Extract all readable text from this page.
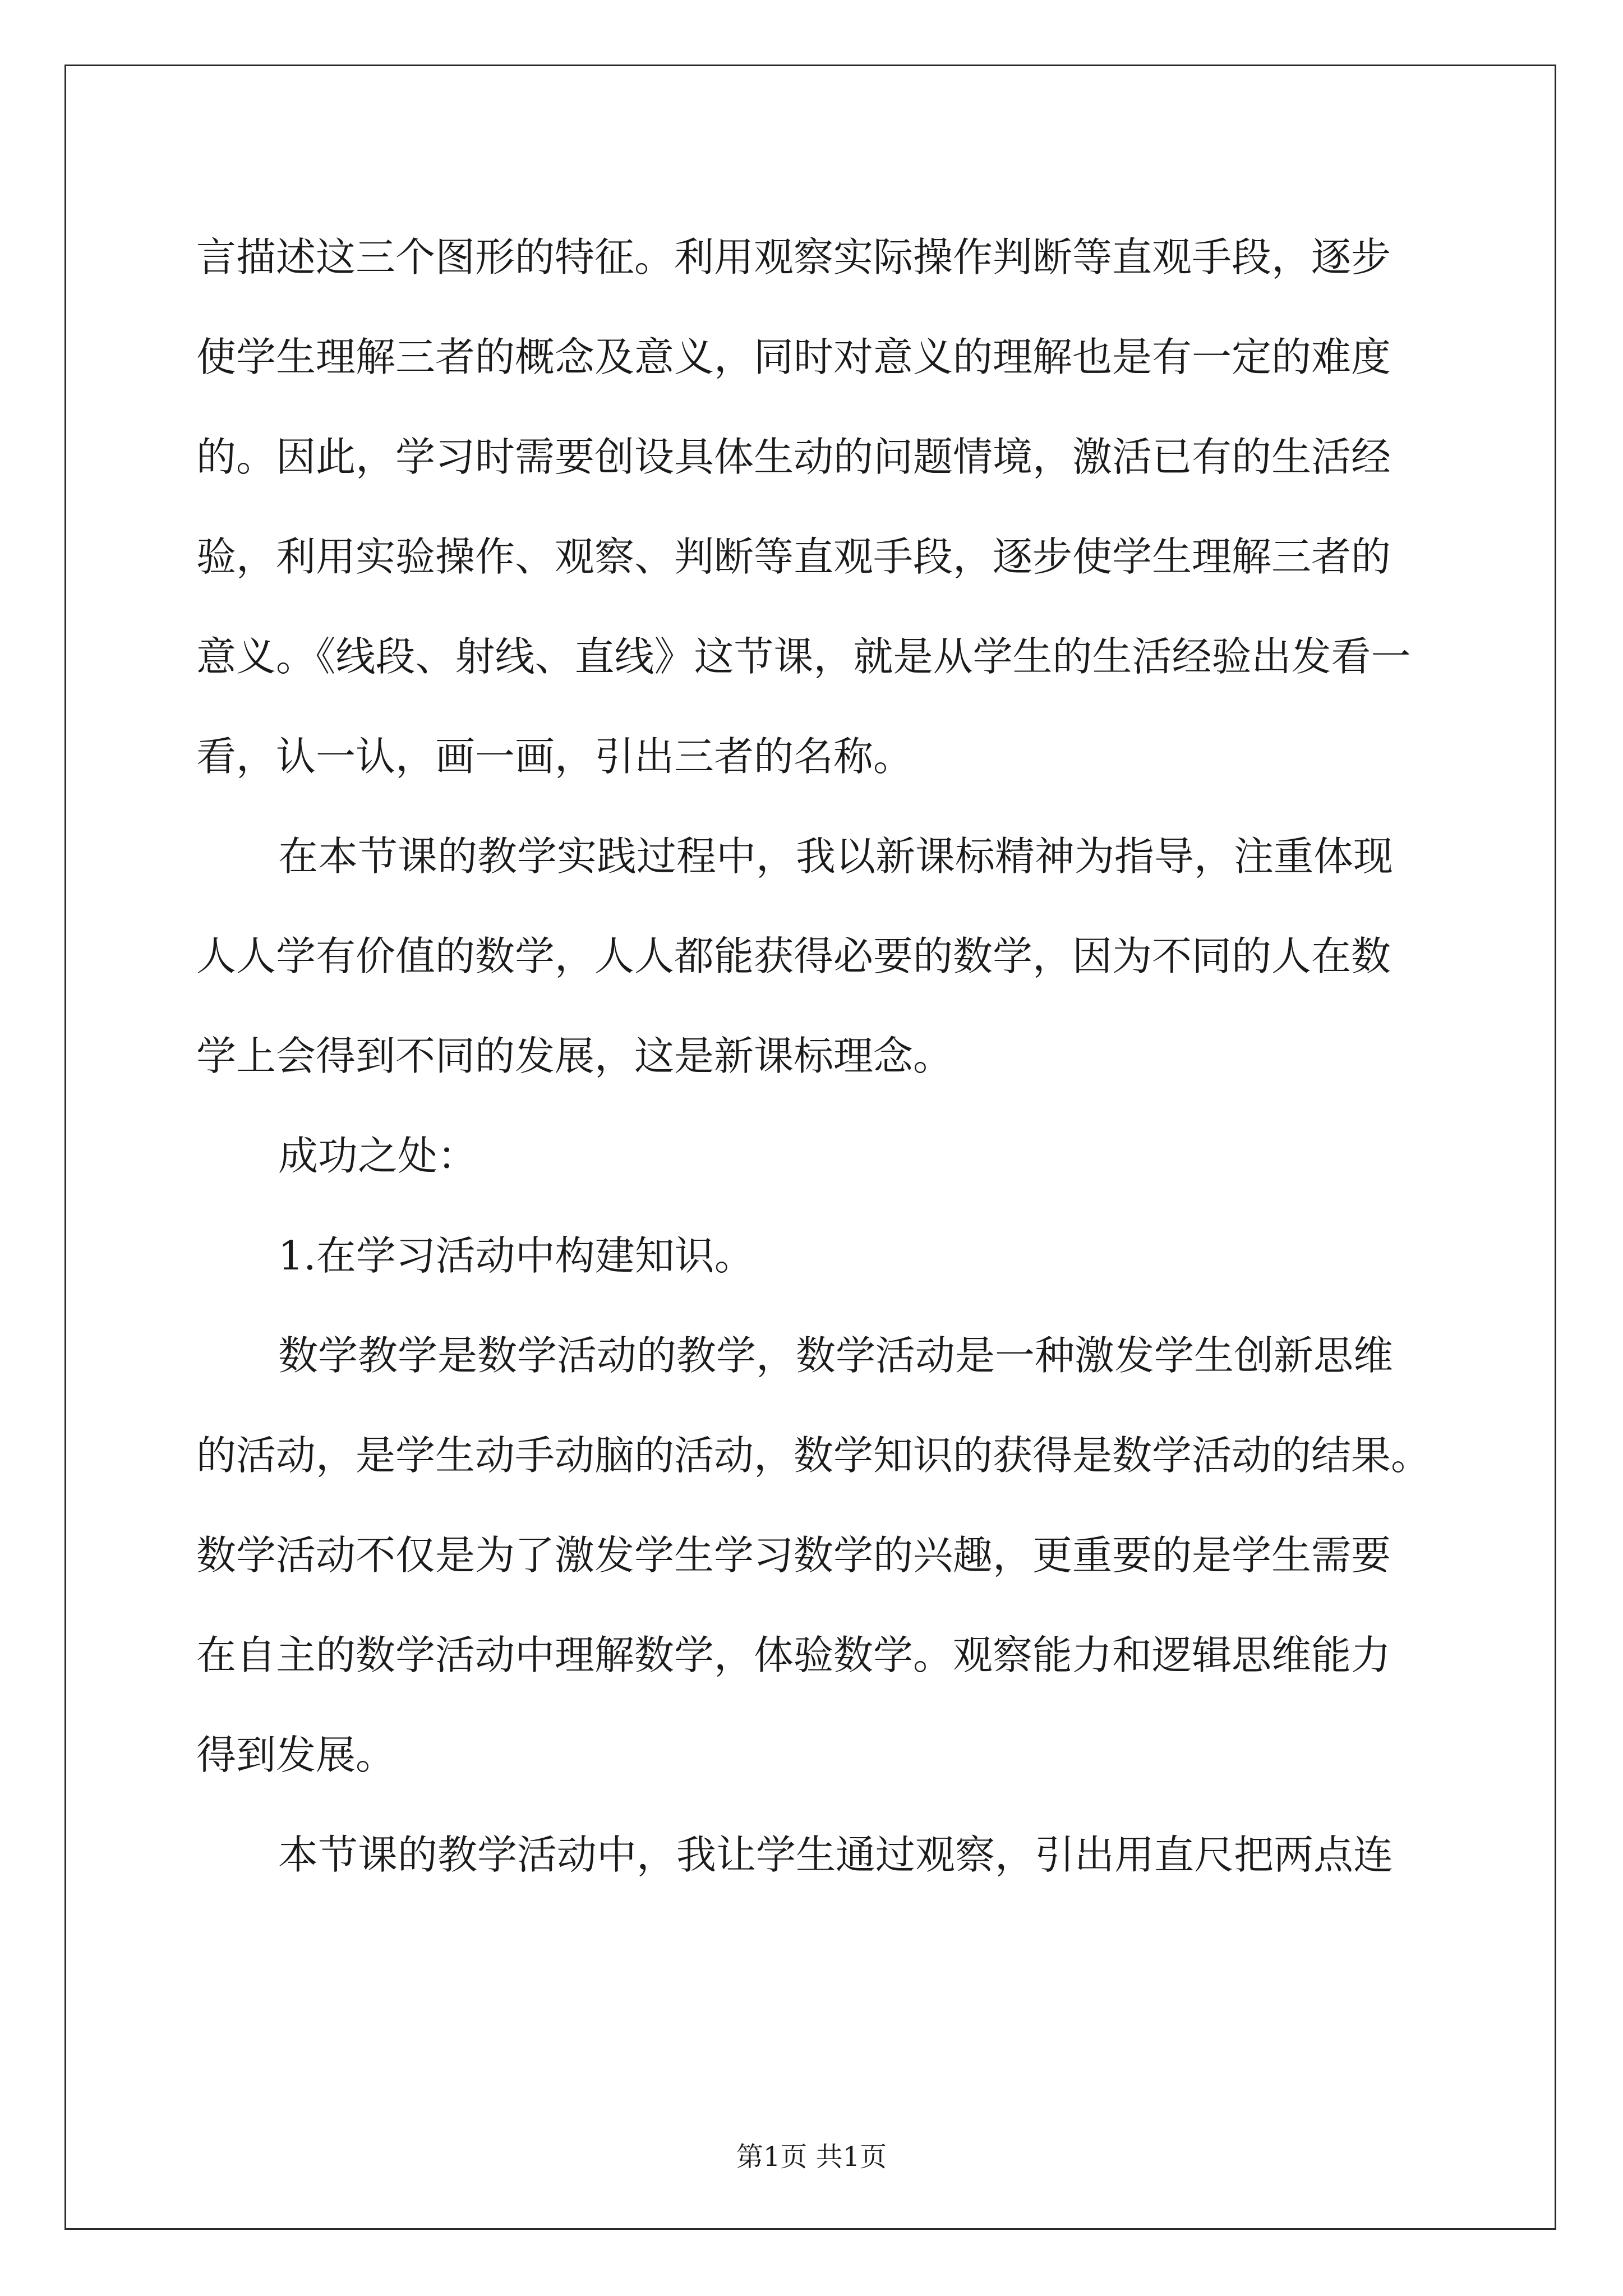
言描述这三个图形的特征。利用观察实际操作判断等直观手段，逐步
使学生理解三者的概念及意义，同时对意义的理解也是有一定的难度
的。因此，学习时需要创设具体生动的问题情境，激活已有的生活经
验，利用实验操作、观察、判断等直观手段，逐步使学生理解三者的
意义。《线段、射线、直线》这节课，就是从学生的生活经验出发看一
看，认一认，画一画，引出三者的名称。
在本节课的教学实践过程中，我以新课标精神为指导，注重体现
人人学有价值的数学，人人都能获得必要的数学，因为不同的人在数
学上会得到不同的发展，这是新课标理念。
成功之处：
1.在学习活动中构建知识。
数学教学是数学活动的教学，数学活动是一种激发学生创新思维
的活动，是学生动手动脑的活动，数学知识的获得是数学活动的结果。
数学活动不仅是为了激发学生学习数学的兴趣，更重要的是学生需要
在自主的数学活动中理解数学，体验数学。观察能力和逻辑思维能力
得到发展。
本节课的教学活动中，我让学生通过观察，引出用直尺把两点连
第1页 共1页
